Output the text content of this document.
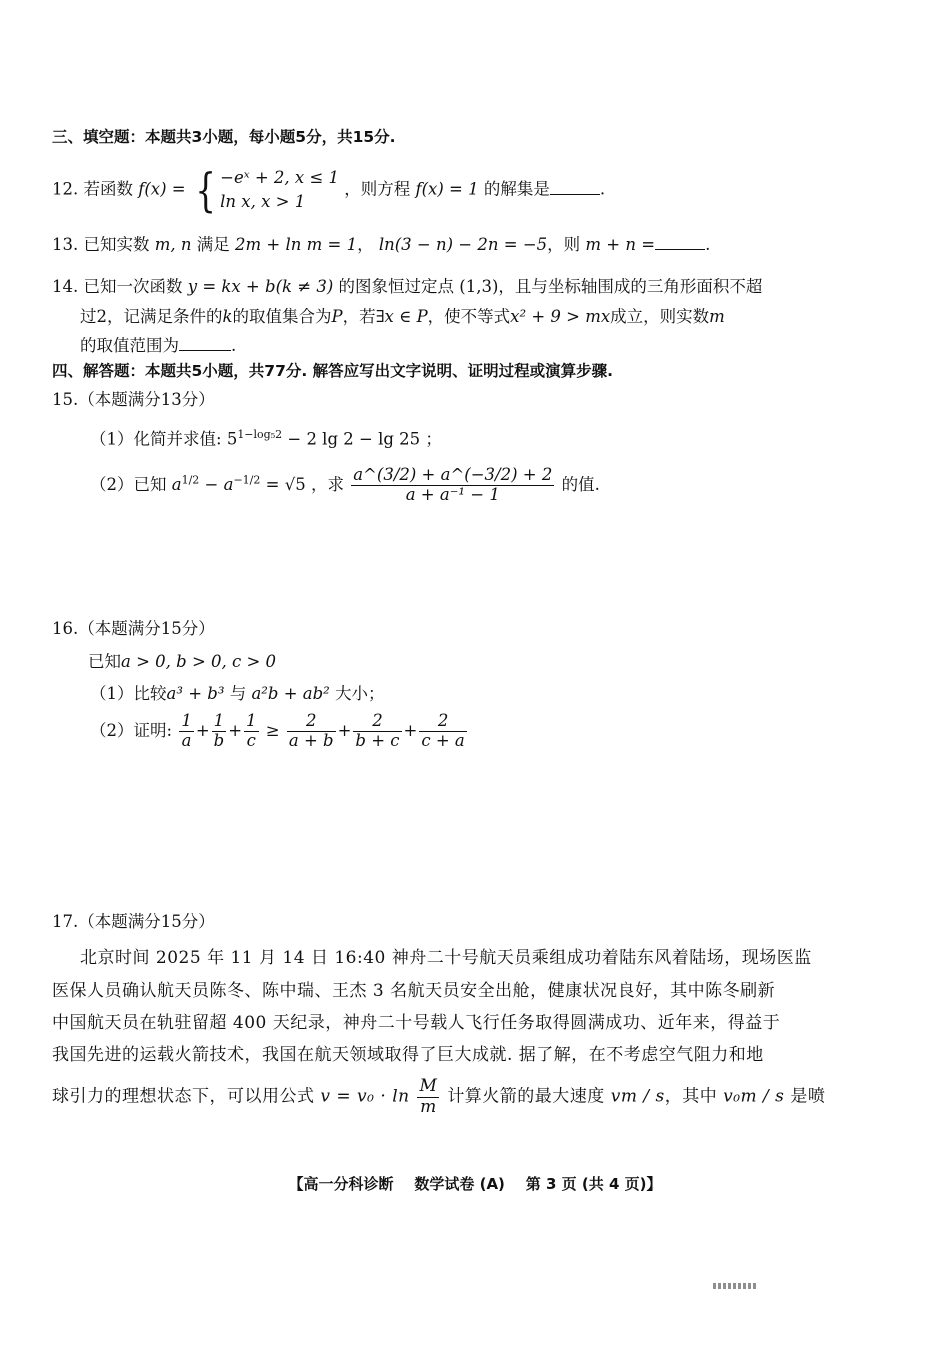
三、填空题：本题共3小题，每小题5分，共15分.
12. 若函数 f(x) = { −eˣ + 2, x ≤ 1
ln x, x > 1
，则方程 f(x) = 1 的解集是	.
13. 已知实数 m, n 满足 2m + ln m = 1， ln(3 − n) − 2n = −5，则 m + n =	.
14. 已知一次函数 y = kx + b(k ≠ 3) 的图象恒过定点 (1,3)，且与坐标轴围成的三角形面积不超
过2，记满足条件的k的取值集合为P，若∃x ∈ P，使不等式x² + 9 > mx成立，则实数m
的取值范围为	.
四、解答题：本题共5小题，共77分. 解答应写出文字说明、证明过程或演算步骤.
15.（本题满分13分）
（1）化简并求值: $5^{1-log_52} - 2$ lg 2 − lg 25 ；
（2）已知 $a^{1/2} - a^{-1/2} = √5$ ，求 $\frac{a\^{}(3/2) + a\^{}(-3/2) + 2}{\text{a + a⁻¹ − 1}}$ 的值.
16.（本题满分15分）
已知a > 0, b > 0, c > 0
（1）比较a³ + b³ 与 a²b + ab² 大小；
（2）证明: $\frac{1}{a} + \frac{1}{b} + \frac{1}{c} \ge \frac{2}{a + b} + \frac{2}{b + c} + \frac{2}{c + a}$
17.（本题满分15分）
北京时间 2025 年 11 月 14 日 16:40 神舟二十号航天员乘组成功着陆东风着陆场，现场医监
医保人员确认航天员陈冬、陈中瑞、王杰 3 名航天员安全出舱，健康状况良好，其中陈冬刷新
中国航天员在轨驻留超 400 天纪录，神舟二十号载人飞行任务取得圆满成功、近年来，得益于
我国先进的运载火箭技术，我国在航天领域取得了巨大成就. 据了解，在不考虑空气阻力和地
球引力的理想状态下，可以用公式 $v = v_0 \cdot \ln \frac{M}{m}$ 计算火箭的最大速度 vm / s，其中 v₀m / s 是喷
【高一分科诊断    数学试卷 (A)    第 3 页 (共 4 页)】
